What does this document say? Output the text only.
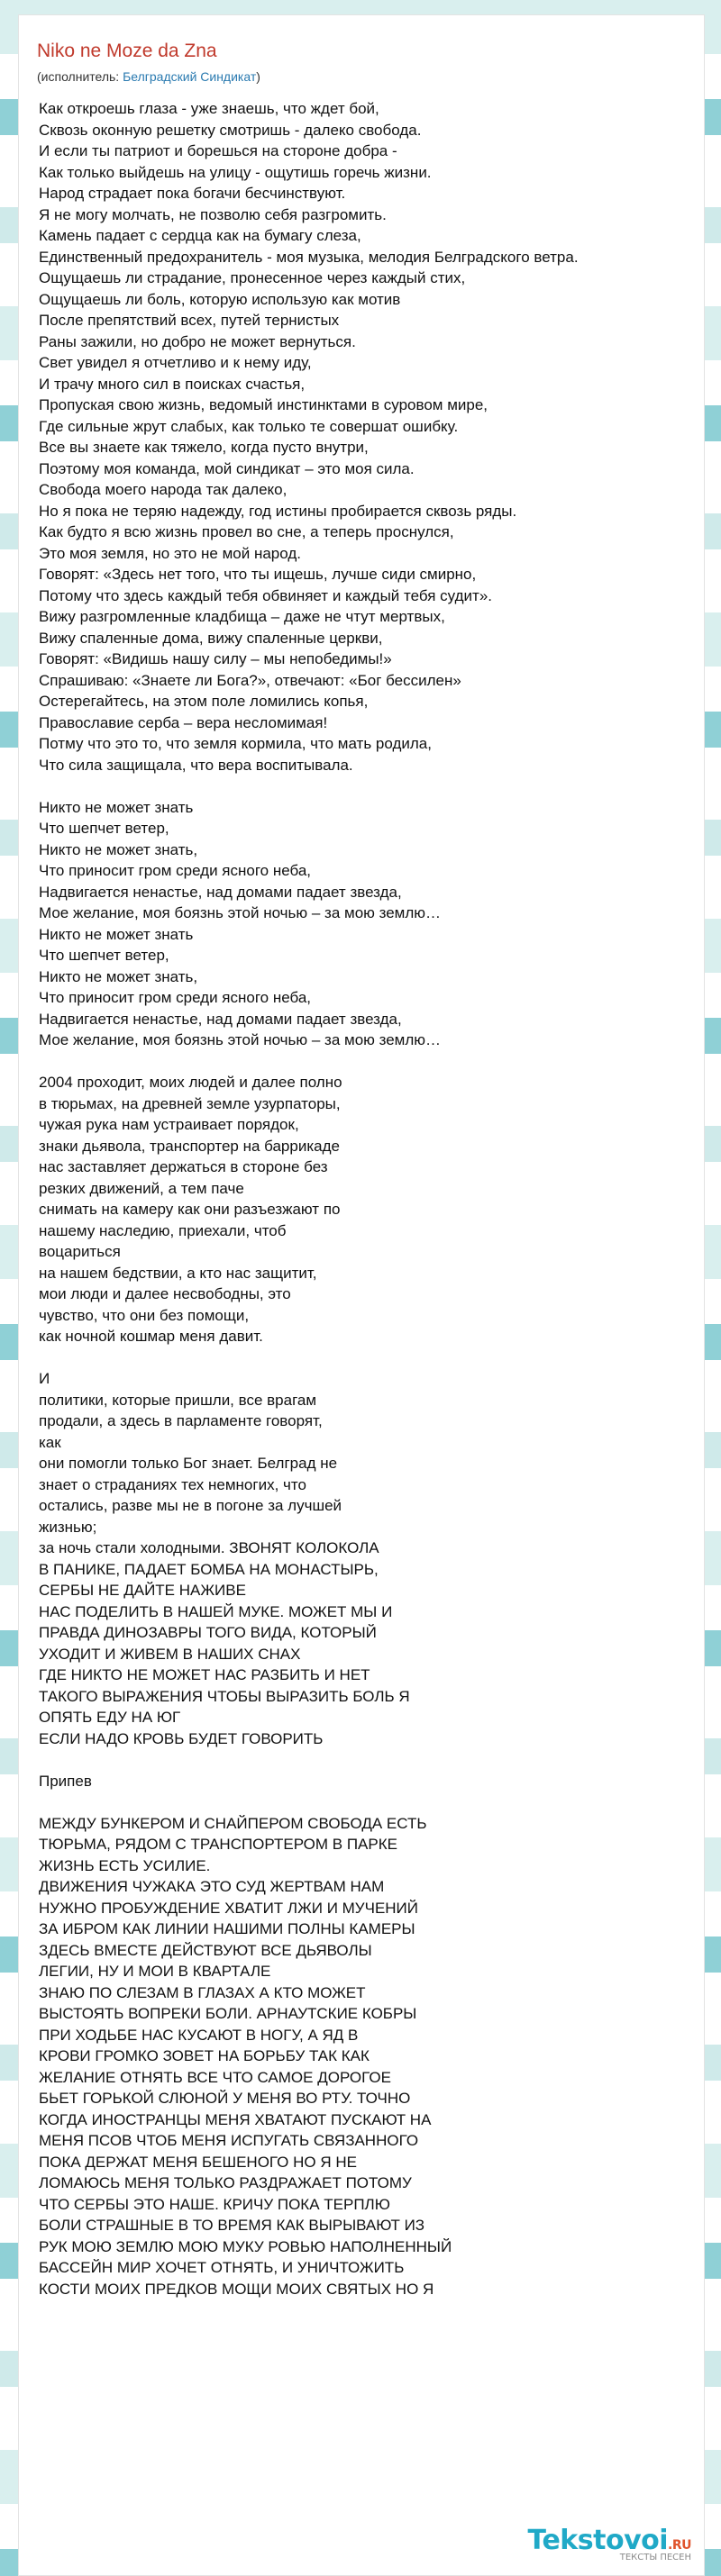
Niko ne Moze da Zna
(исполнитель: Белградский Синдикат)
Как откроешь глаза - уже знаешь, что ждет бой,
Сквозь оконную решетку смотришь - далеко свобода.
И если ты патриот и борешься на стороне добра -
Как только выйдешь на улицу - ощутишь горечь жизни.
Народ страдает пока богачи бесчинствуют.
Я не могу молчать, не позволю себя разгромить.
Камень падает с сердца как на бумагу слеза,
Единственный предохранитель - моя музыка, мелодия Белградского ветра.
Ощущаешь ли страдание, пронесенное через каждый стих,
Ощущаешь ли боль, которую использую как мотив
После препятствий всех, путей тернистых
Раны зажили, но добро не может вернуться.
Свет увидел я отчетливо и к нему иду,
И трачу много сил в поисках счастья,
Пропуская свою жизнь, ведомый инстинктами в суровом мире,
Где сильные жрут слабых, как только те совершат ошибку.
Все вы знаете как тяжело, когда пусто внутри,
Поэтому моя команда, мой синдикат – это моя сила.
Свобода моего народа так далеко,
Но я пока не теряю надежду, год истины пробирается сквозь ряды.
Как будто я всю жизнь провел во сне, а теперь проснулся,
Это моя земля, но это не мой народ.
Говорят: «Здесь нет того, что ты ищешь, лучше сиди смирно,
Потому что здесь каждый тебя обвиняет и каждый тебя судит».
Вижу разгромленные кладбища – даже не чтут мертвых,
Вижу спаленные дома, вижу спаленные церкви,
Говорят: «Видишь нашу силу – мы непобедимы!»
Спрашиваю: «Знаете ли Бога?», отвечают: «Бог бессилен»
Остерегайтесь, на этом поле ломились копья,
Православие серба – вера несломимая!
Потму что это то, что земля кормила, что мать родила,
Что сила защищала, что вера воспитывала.
Никто не может знать
Что шепчет ветер,
Никто не может знать,
Что приносит гром среди ясного неба,
Надвигается ненастье, над домами падает звезда,
Мое желание, моя боязнь этой ночью – за мою землю…
Никто не может знать
Что шепчет ветер,
Никто не может знать,
Что приносит гром среди ясного неба,
Надвигается ненастье, над домами падает звезда,
Мое желание, моя боязнь этой ночью – за мою землю…
2004 проходит, моих людей и далее полно
в тюрьмах, на древней земле узурпаторы,
чужая рука нам устраивает порядок,
знаки дьявола, транспортер на баррикаде
нас заставляет держаться в стороне без
резких движений, а тем паче
снимать на камеру как они разъезжают по
нашему наследию, приехали, чтоб
воцариться
на нашем бедствии, а кто нас защитит,
мои люди и далее несвободны, это
чувство, что они без помощи,
как ночной кошмар меня давит.
И
политики, которые пришли, все врагам
продали, а здесь в парламенте говорят,
как
они помогли только Бог знает. Белград не
знает о страданиях тех немногих, что
остались, разве мы не в погоне за лучшей
жизнью;
за ночь стали холодными. ЗВОНЯТ КОЛОКОЛА
В ПАНИКЕ, ПАДАЕТ БОМБА НА МОНАСТЫРЬ,
СЕРБЫ НЕ ДАЙТЕ НАЖИВЕ
НАС ПОДЕЛИТЬ В НАШЕЙ МУКЕ. МОЖЕТ МЫ И
ПРАВДА ДИНОЗАВРЫ ТОГО ВИДА, КОТОРЫЙ
УХОДИТ И ЖИВЕМ В НАШИХ СНАХ
ГДЕ НИКТО НЕ МОЖЕТ НАС РАЗБИТЬ И НЕТ
ТАКОГО ВЫРАЖЕНИЯ ЧТОБЫ ВЫРАЗИТЬ БОЛЬ Я
ОПЯТЬ ЕДУ НА ЮГ
ЕСЛИ НАДО КРОВЬ БУДЕТ ГОВОРИТЬ
Припев
МЕЖДУ БУНКЕРОМ И СНАЙПЕРОМ СВОБОДА ЕСТЬ
ТЮРЬМА, РЯДОМ С ТРАНСПОРТЕРОМ В ПАРКЕ
ЖИЗНЬ ЕСТЬ УСИЛИЕ.
ДВИЖЕНИЯ ЧУЖАКА ЭТО СУД ЖЕРТВАМ НАМ
НУЖНО ПРОБУЖДЕНИЕ ХВАТИТ ЛЖИ И МУЧЕНИЙ
ЗА ИБРОМ КАК ЛИНИИ НАШИМИ ПОЛНЫ КАМЕРЫ
ЗДЕСЬ ВМЕСТЕ ДЕЙСТВУЮТ ВСЕ ДЬЯВОЛЫ
ЛЕГИИ, НУ И МОИ В КВАРТАЛЕ
ЗНАЮ ПО СЛЕЗАМ В ГЛАЗАХ А КТО МОЖЕТ
ВЫСТОЯТЬ ВОПРЕКИ БОЛИ. АРНАУТСКИЕ КОБРЫ
ПРИ ХОДЬБЕ НАС КУСАЮТ В НОГУ, А ЯД В
КРОВИ ГРОМКО ЗОВЕТ НА БОРЬБУ ТАК КАК
ЖЕЛАНИЕ ОТНЯТЬ ВСЕ ЧТО САМОЕ ДОРОГОЕ
БЬЕТ ГОРЬКОЙ СЛЮНОЙ У МЕНЯ ВО РТУ. ТОЧНО
КОГДА ИНОСТРАНЦЫ МЕНЯ ХВАТАЮТ ПУСКАЮТ НА
МЕНЯ ПСОВ ЧТОБ МЕНЯ ИСПУГАТЬ СВЯЗАННОГО
ПОКА ДЕРЖАТ МЕНЯ БЕШЕНОГО НО Я НЕ
ЛОМАЮСЬ МЕНЯ ТОЛЬКО РАЗДРАЖАЕТ ПОТОМУ
ЧТО СЕРБЫ ЭТО НАШЕ. КРИЧУ ПОКА ТЕРПЛЮ
БОЛИ СТРАШНЫЕ В ТО ВРЕМЯ КАК ВЫРЫВАЮТ ИЗ
РУК МОЮ ЗЕМЛЮ МОЮ МУКУ РОВЬЮ НАПОЛНЕННЫЙ
БАССЕЙН МИР ХОЧЕТ ОТНЯТЬ, И УНИЧТОЖИТЬ
КОСТИ МОИХ ПРЕДКОВ МОЩИ МОИХ СВЯТЫХ НО Я
Tekstovoi.RU
ТЕКСТЫ ПЕСЕН
